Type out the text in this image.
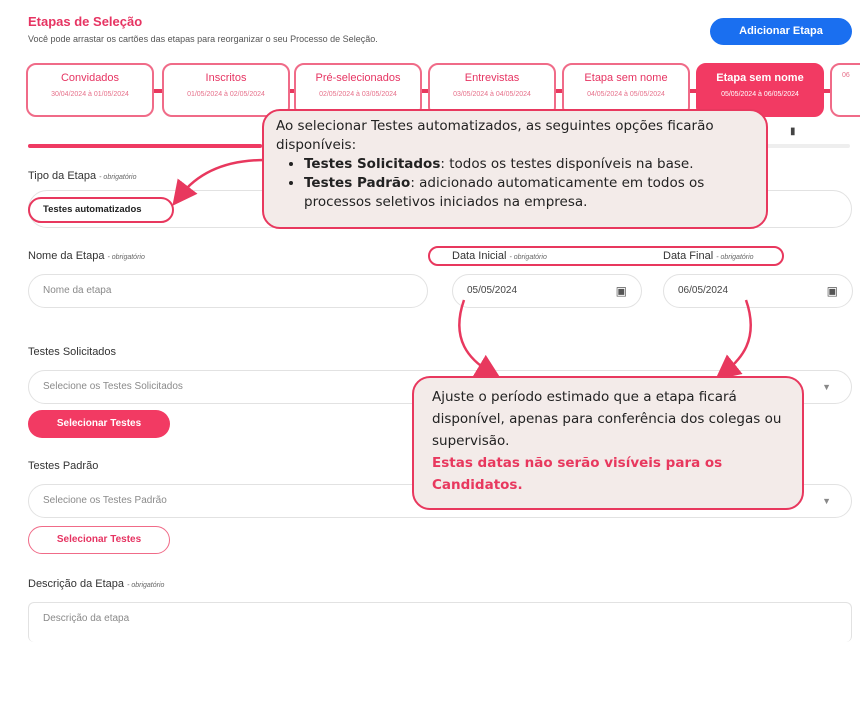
Etapas de Seleção
Você pode arrastar os cartões das etapas para reorganizar o seu Processo de Seleção.
Adicionar Etapa
Convidados
30/04/2024 à 01/05/2024
Inscritos
01/05/2024 à 02/05/2024
Pré-selecionados
02/05/2024 à 03/05/2024
Entrevistas
03/05/2024 à 04/05/2024
Etapa sem nome
04/05/2024 à 05/05/2024
Etapa sem nome
05/05/2024 à 06/05/2024
06
▮
Tipo da Etapa - obrigatório
Testes automatizados
Nome da Etapa - obrigatório	Data Inicial - obrigatório	Data Final - obrigatório
Nome da etapa	05/05/2024	▣	06/05/2024	▣
Testes Solicitados
Selecione os Testes Solicitados	▼
Selecionar Testes
Testes Padrão
Selecione os Testes Padrão	▼
Selecionar Testes
Descrição da Etapa - obrigatório
Descrição da etapa
Ao selecionar Testes automatizados, as seguintes opções ficarão disponíveis:
• Testes Solicitados: todos os testes disponíveis na base.
• Testes Padrão: adicionado automaticamente em todos os processos seletivos iniciados na empresa.
Ajuste o período estimado que a etapa ficará disponível, apenas para conferência dos colegas ou supervisão.
Estas datas não serão visíveis para os Candidatos.
